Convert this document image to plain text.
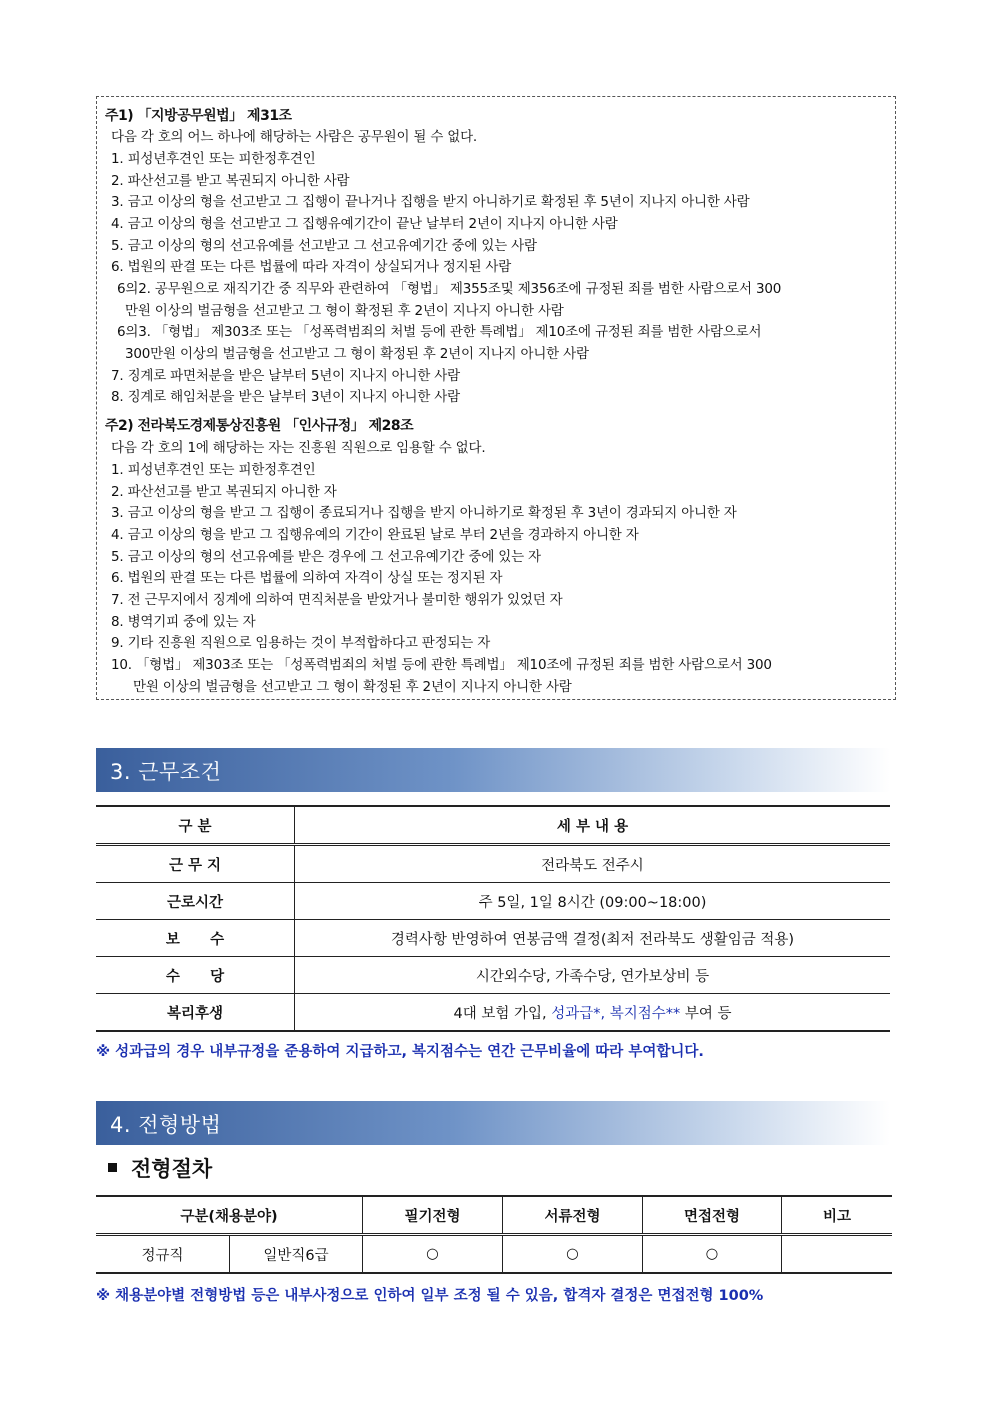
주1) 「지방공무원법」 제31조
다음 각 호의 어느 하나에 해당하는 사람은 공무원이 될 수 없다.
1. 피성년후견인 또는 피한정후견인
2. 파산선고를 받고 복권되지 아니한 사람
3. 금고 이상의 형을 선고받고 그 집행이 끝나거나 집행을 받지 아니하기로 확정된 후 5년이 지나지 아니한 사람
4. 금고 이상의 형을 선고받고 그 집행유예기간이 끝난 날부터 2년이 지나지 아니한 사람
5. 금고 이상의 형의 선고유예를 선고받고 그 선고유예기간 중에 있는 사람
6. 법원의 판결 또는 다른 법률에 따라 자격이 상실되거나 정지된 사람
6의2. 공무원으로 재직기간 중 직무와 관련하여 「형법」 제355조및 제356조에 규정된 죄를 범한 사람으로서 300
만원 이상의 벌금형을 선고받고 그 형이 확정된 후 2년이 지나지 아니한 사람
6의3. 「형법」 제303조 또는 「성폭력범죄의 처벌 등에 관한 특례법」 제10조에 규정된 죄를 범한 사람으로서
300만원 이상의 벌금형을 선고받고 그 형이 확정된 후 2년이 지나지 아니한 사람
7. 징계로 파면처분을 받은 날부터 5년이 지나지 아니한 사람
8. 징계로 해임처분을 받은 날부터 3년이 지나지 아니한 사람
주2) 전라북도경제통상진흥원 「인사규정」 제28조
다음 각 호의 1에 해당하는 자는 진흥원 직원으로 임용할 수 없다.
1. 피성년후견인 또는 피한정후견인
2. 파산선고를 받고 복권되지 아니한 자
3. 금고 이상의 형을 받고 그 집행이 종료되거나 집행을 받지 아니하기로 확정된 후 3년이 경과되지 아니한 자
4. 금고 이상의 형을 받고 그 집행유예의 기간이 완료된 날로 부터 2년을 경과하지 아니한 자
5. 금고 이상의 형의 선고유예를 받은 경우에 그 선고유예기간 중에 있는 자
6. 법원의 판결 또는 다른 법률에 의하여 자격이 상실 또는 정지된 자
7. 전 근무지에서 징계에 의하여 면직처분을 받았거나 불미한 행위가 있었던 자
8. 병역기피 중에 있는 자
9. 기타 진흥원 직원으로 임용하는 것이 부적합하다고 판정되는 자
10. 「형법」 제303조 또는 「성폭력범죄의 처벌 등에 관한 특례법」 제10조에 규정된 죄를 범한 사람으로서 300
만원 이상의 벌금형을 선고받고 그 형이 확정된 후 2년이 지나지 아니한 사람
3. 근무조건
구 분	세 부 내 용
근 무 지	전라북도 전주시
근로시간	주 5일, 1일 8시간 (09:00~18:00)
보      수	경력사항 반영하여 연봉금액 결정(최저 전라북도 생활임금 적용)
수      당	시간외수당, 가족수당, 연가보상비 등
복리후생	4대 보험 가입, 성과급*, 복지점수** 부여 등
※ 성과급의 경우 내부규정을 준용하여 지급하고, 복지점수는 연간 근무비율에 따라 부여합니다.
4. 전형방법
전형절차
구분(채용분야)		필기전형	서류전형	면접전형	비고
정규직	일반직6급	○	○	○	
※ 채용분야별 전형방법 등은 내부사정으로 인하여 일부 조정 될 수 있음, 합격자 결정은 면접전형 100%
